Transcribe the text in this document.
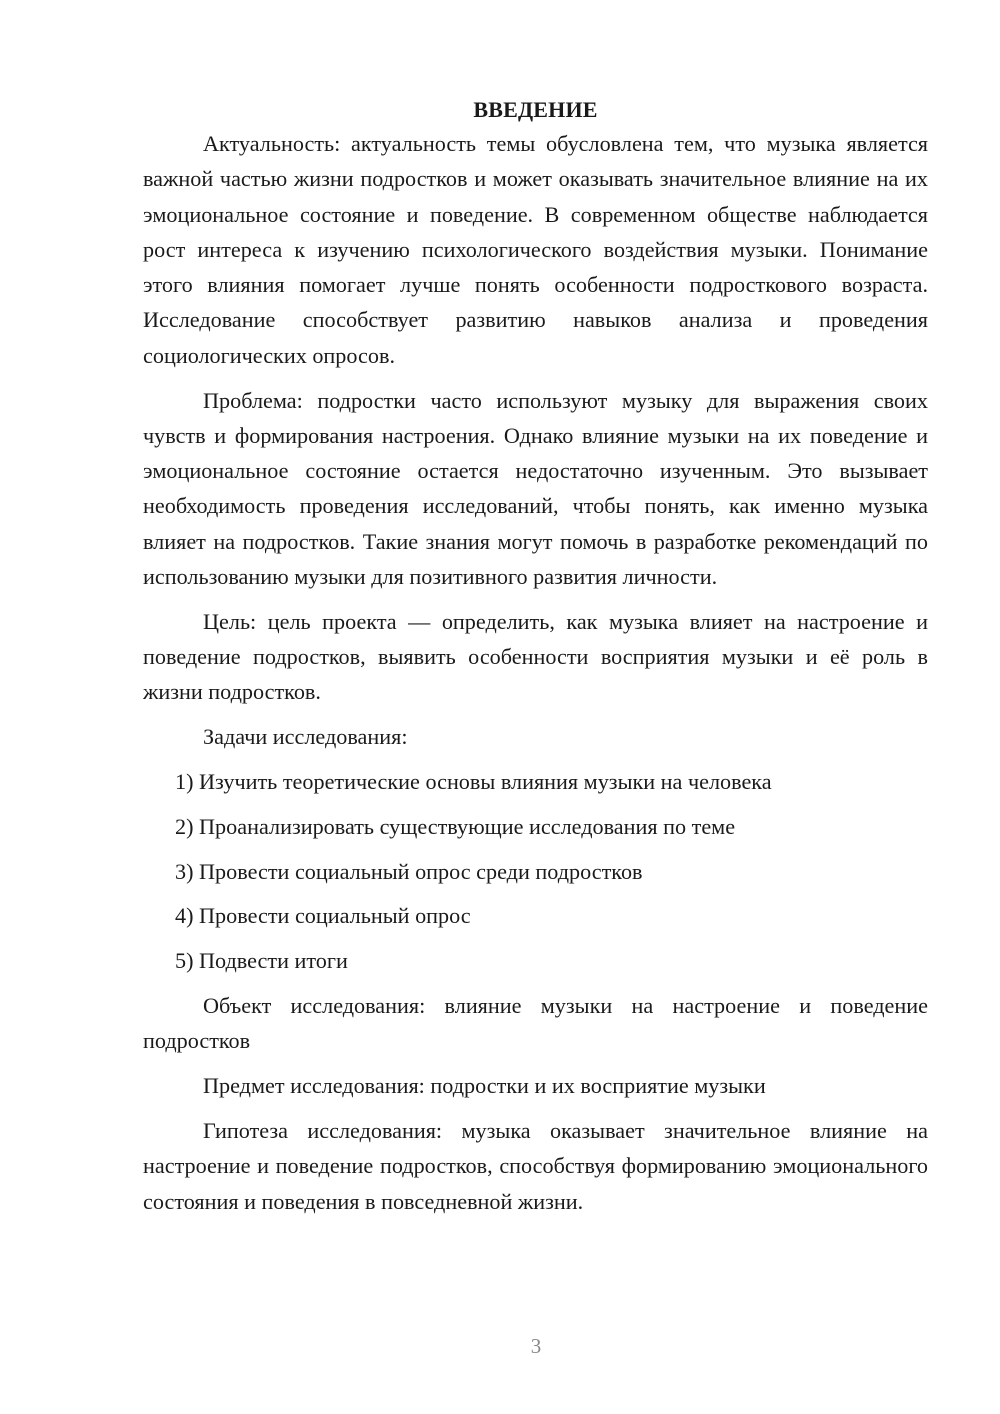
ВВЕДЕНИЕ

Актуальность: актуальность темы обусловлена тем, что музыка является важной частью жизни подростков и может оказывать значительное влияние на их эмоциональное состояние и поведение. В современном обществе наблюдается рост интереса к изучению психологического воздействия музыки. Понимание этого влияния помогает лучше понять особенности подросткового возраста. Исследование способствует развитию навыков анализа и проведения социологических опросов.

Проблема: подростки часто используют музыку для выражения своих чувств и формирования настроения. Однако влияние музыки на их поведение и эмоциональное состояние остается недостаточно изученным. Это вызывает необходимость проведения исследований, чтобы понять, как именно музыка влияет на подростков. Такие знания могут помочь в разработке рекомендаций по использованию музыки для позитивного развития личности.

Цель: цель проекта — определить, как музыка влияет на настроение и поведение подростков, выявить особенности восприятия музыки и её роль в жизни подростков.

Задачи исследования:

1) Изучить теоретические основы влияния музыки на человека
2) Проанализировать существующие исследования по теме
3) Провести социальный опрос среди подростков
4) Провести социальный опрос
5) Подвести итоги

Объект исследования: влияние музыки на настроение и поведение подростков

Предмет исследования: подростки и их восприятие музыки

Гипотеза исследования: музыка оказывает значительное влияние на настроение и поведение подростков, способствуя формированию эмоционального состояния и поведения в повседневной жизни.

3
